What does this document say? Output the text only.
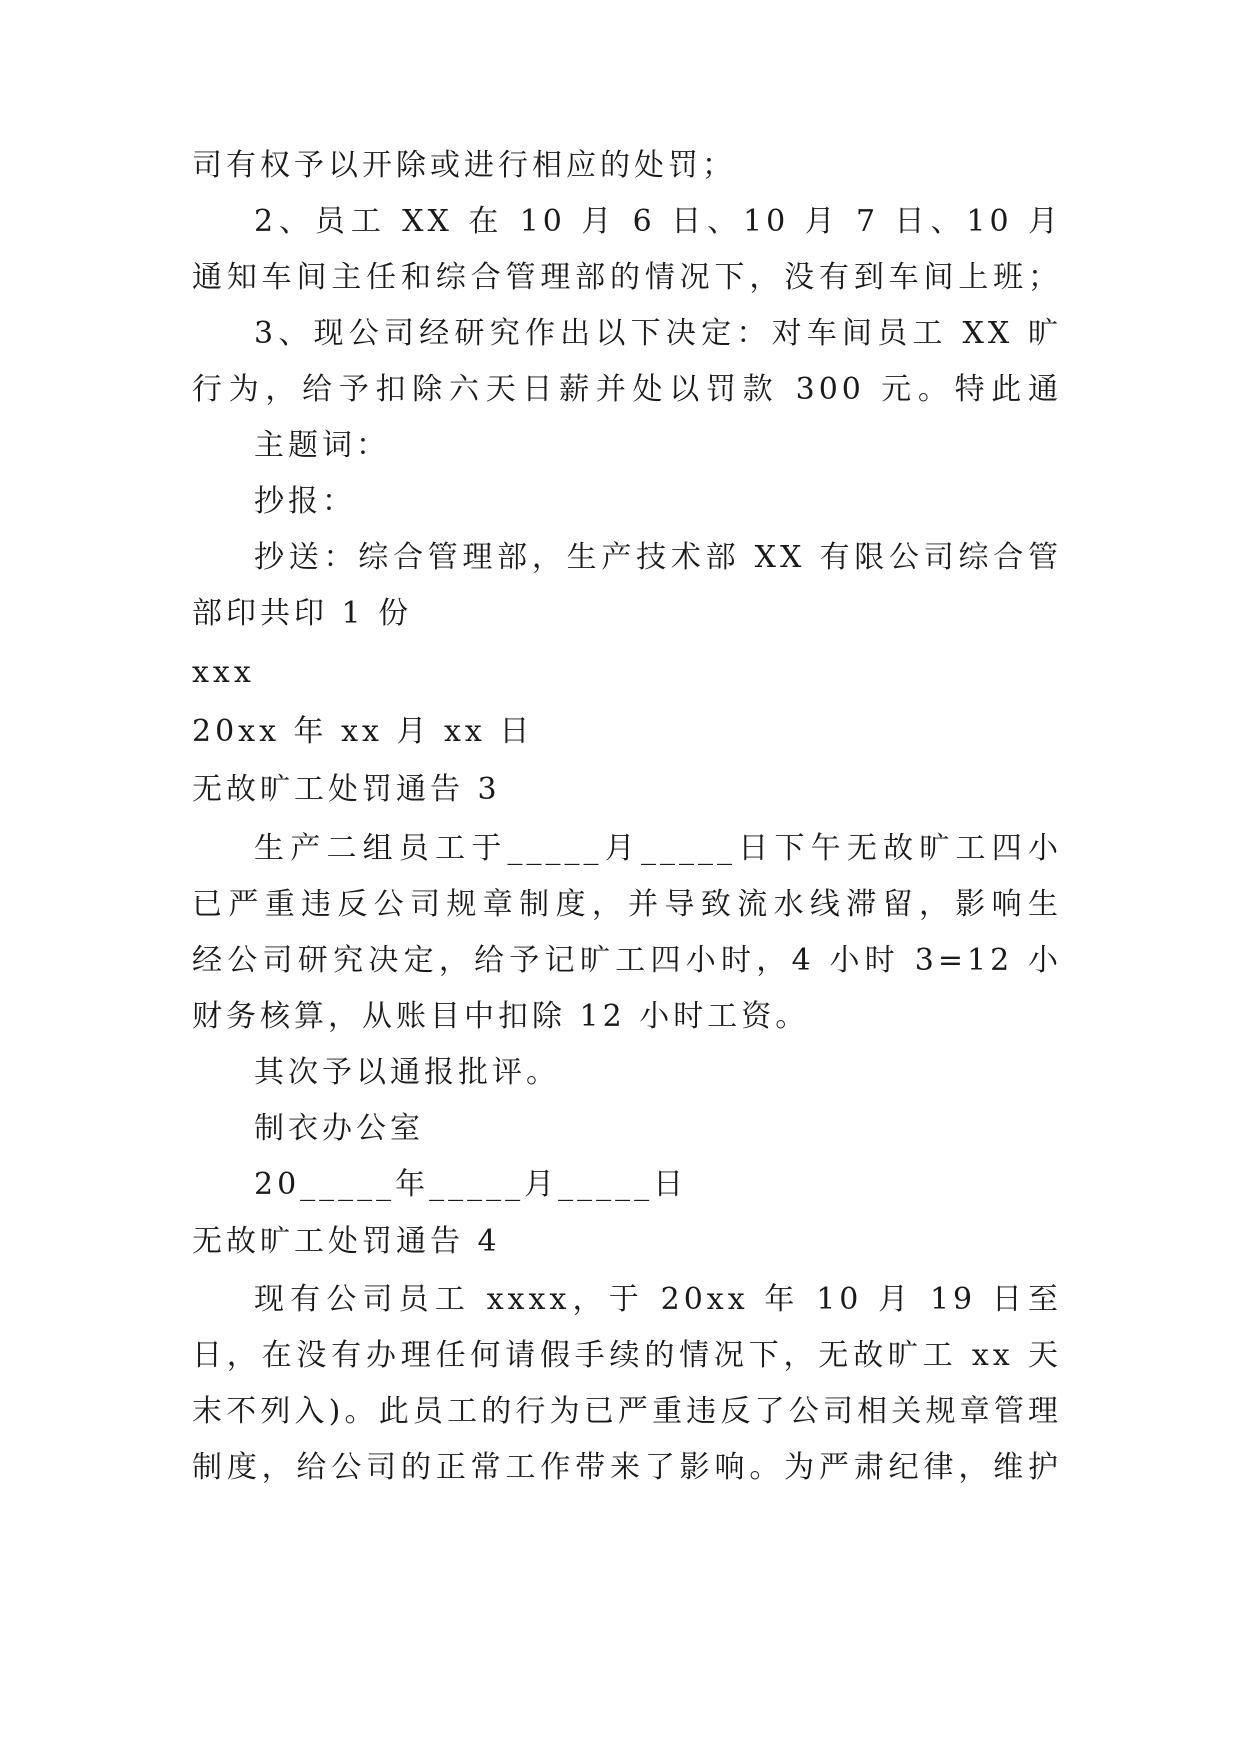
司有权予以开除或进行相应的处罚；
2、员工 XX 在 10 月 6 日、10 月 7 日、10 月
通知车间主任和综合管理部的情况下，没有到车间上班；
3、现公司经研究作出以下决定：对车间员工 XX 旷
行为，给予扣除六天日薪并处以罚款 300 元。特此通
主题词：
抄报：
抄送：综合管理部，生产技术部 XX 有限公司综合管
部印共印 1 份
xxx
20xx 年 xx 月 xx 日
无故旷工处罚通告 3
生产二组员工于_____月_____日下午无故旷工四小
已严重违反公司规章制度，并导致流水线滞留，影响生
经公司研究决定，给予记旷工四小时，4 小时 3=12 小
财务核算，从账目中扣除 12 小时工资。
其次予以通报批评。
制衣办公室
20_____年_____月_____日
无故旷工处罚通告 4
现有公司员工 xxxx，于 20xx 年 10 月 19 日至
日，在没有办理任何请假手续的情况下，无故旷工 xx 天
末不列入)。此员工的行为已严重违反了公司相关规章管理
制度，给公司的正常工作带来了影响。为严肃纪律，维护
